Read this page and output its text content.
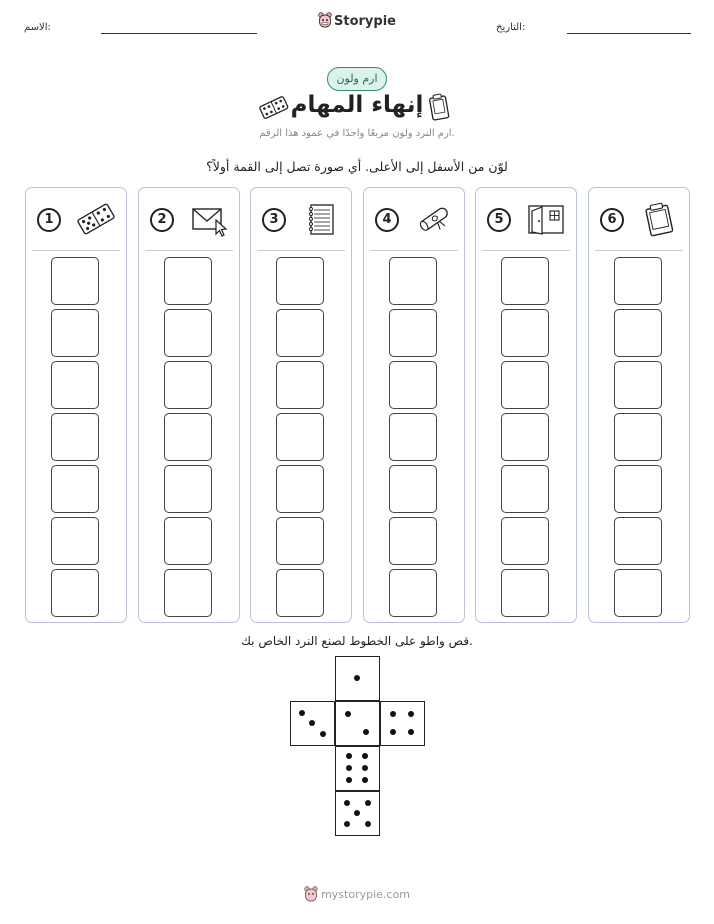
الاسم:	Storypie	التاريخ:
ارم ولون
إنهاء المهام
ارم النرد ولون مربعًا واحدًا في عمود هذا الرقم.
لوّن من الأسفل إلى الأعلى. أي صورة تصل إلى القمة أولاً؟
1	2	3	4	5	6
قص واطو على الخطوط لصنع النرد الخاص بك.
mystorypie.com
